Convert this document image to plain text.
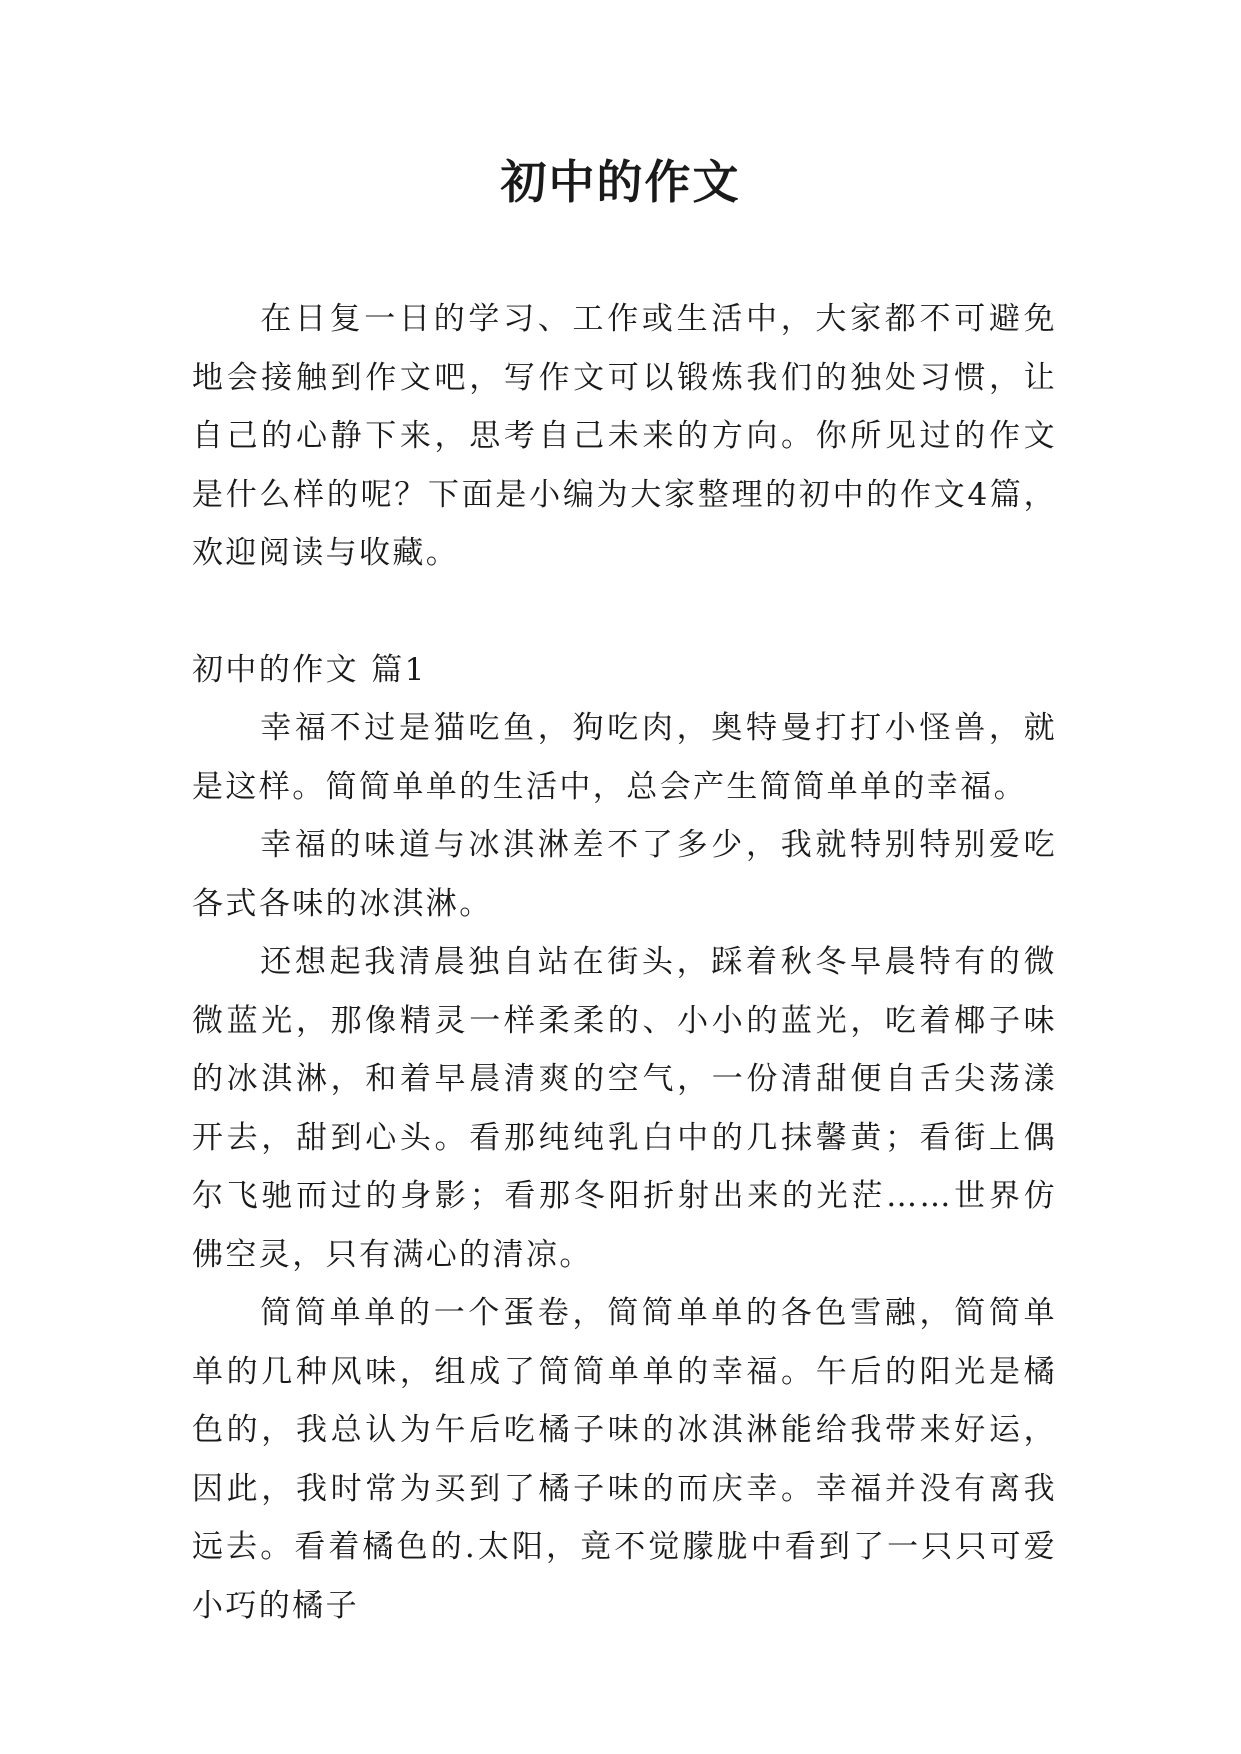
初中的作文

在日复一日的学习、工作或生活中，大家都不可避免地会接触到作文吧，写作文可以锻炼我们的独处习惯，让自己的心静下来，思考自己未来的方向。你所见过的作文是什么样的呢？下面是小编为大家整理的初中的作文4篇，欢迎阅读与收藏。

初中的作文 篇1

幸福不过是猫吃鱼，狗吃肉，奥特曼打打小怪兽，就是这样。简简单单的生活中，总会产生简简单单的幸福。

幸福的味道与冰淇淋差不了多少，我就特别特别爱吃各式各味的冰淇淋。

还想起我清晨独自站在街头，踩着秋冬早晨特有的微微蓝光，那像精灵一样柔柔的、小小的蓝光，吃着椰子味的冰淇淋，和着早晨清爽的空气，一份清甜便自舌尖荡漾开去，甜到心头。看那纯纯乳白中的几抹馨黄；看街上偶尔飞驰而过的身影；看那冬阳折射出来的光茫……世界仿佛空灵，只有满心的清凉。

简简单单的一个蛋卷，简简单单的各色雪融，简简单单的几种风味，组成了简简单单的幸福。午后的阳光是橘色的，我总认为午后吃橘子味的冰淇淋能给我带来好运，因此，我时常为买到了橘子味的而庆幸。幸福并没有离我远去。看着橘色的.太阳，竟不觉朦胧中看到了一只只可爱小巧的橘子
